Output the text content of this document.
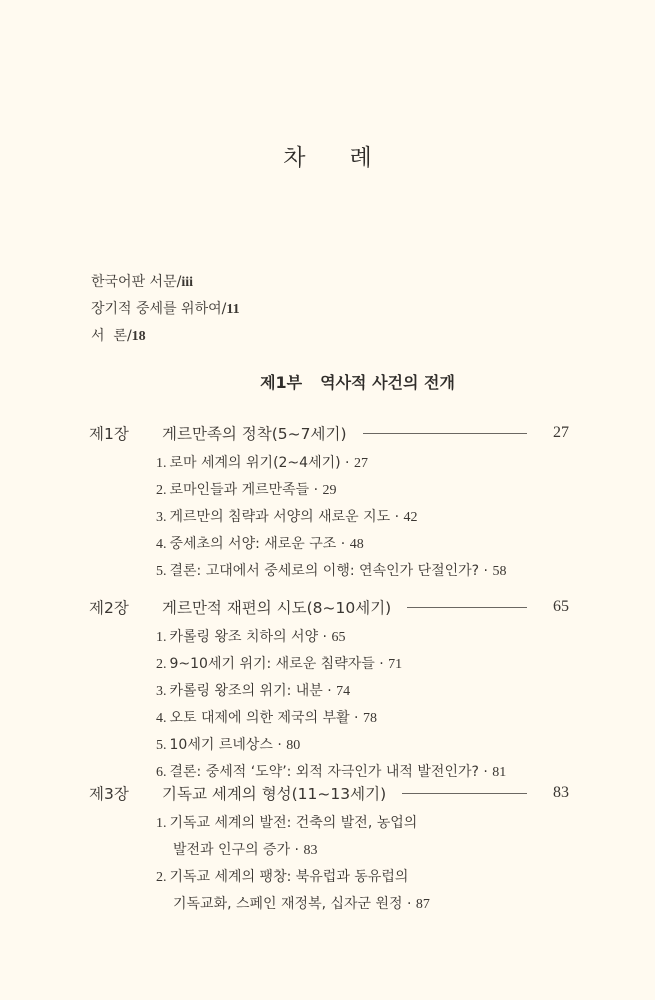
차 례
한국어판 서문/iii
장기적 중세를 위하여/11
서  론/18
제1부 역사적 사건의 전개
제1장	게르만족의 정착(5~7세기)	27
1. 로마 세계의 위기(2~4세기) · 27
2. 로마인들과 게르만족들 · 29
3. 게르만의 침략과 서양의 새로운 지도 · 42
4. 중세초의 서양: 새로운 구조 · 48
5. 결론: 고대에서 중세로의 이행: 연속인가 단절인가? · 58
제2장	게르만적 재편의 시도(8~10세기)	65
1. 카롤링 왕조 치하의 서양 · 65
2. 9~10세기 위기: 새로운 침략자들 · 71
3. 카롤링 왕조의 위기: 내분 · 74
4. 오토 대제에 의한 제국의 부활 · 78
5. 10세기 르네상스 · 80
6. 결론: 중세적 ‘도약’: 외적 자극인가 내적 발전인가? · 81
제3장	기독교 세계의 형성(11~13세기)	83
1. 기독교 세계의 발전: 건축의 발전, 농업의
발전과 인구의 증가 · 83
2. 기독교 세계의 팽창: 북유럽과 동유럽의
기독교화, 스페인 재정복, 십자군 원정 · 87
